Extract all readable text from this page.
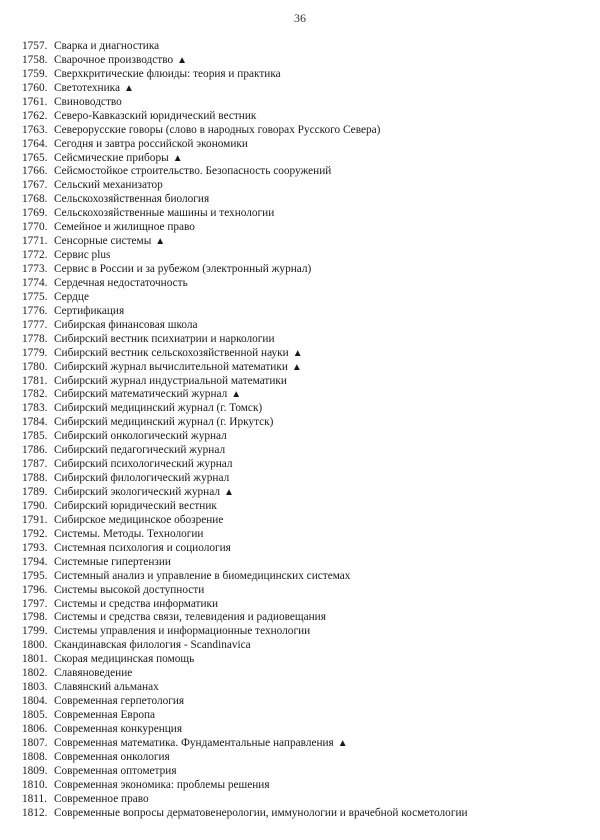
36
1757. Сварка и диагностика
1758. Сварочное производство ▲
1759. Сверхкритические флюиды: теория и практика
1760. Светотехника ▲
1761. Свиноводство
1762. Северо-Кавказский юридический вестник
1763. Северорусские говоры (слово в народных говорах Русского Севера)
1764. Сегодня и завтра российской экономики
1765. Сейсмические приборы ▲
1766. Сейсмостойкое строительство. Безопасность сооружений
1767. Сельский механизатор
1768. Сельскохозяйственная биология
1769. Сельскохозяйственные машины и технологии
1770. Семейное и жилищное право
1771. Сенсорные системы ▲
1772. Сервис plus
1773. Сервис в России и за рубежом (электронный журнал)
1774. Сердечная недостаточность
1775. Сердце
1776. Сертификация
1777. Сибирская финансовая школа
1778. Сибирский вестник психиатрии и наркологии
1779. Сибирский вестник сельскохозяйственной науки ▲
1780. Сибирский журнал вычислительной математики ▲
1781. Сибирский журнал индустриальной математики
1782. Сибирский математический журнал ▲
1783. Сибирский медицинский журнал (г. Томск)
1784. Сибирский медицинский журнал (г. Иркутск)
1785. Сибирский онкологический журнал
1786. Сибирский педагогический журнал
1787. Сибирский психологический журнал
1788. Сибирский филологический журнал
1789. Сибирский экологический журнал ▲
1790. Сибирский юридический вестник
1791. Сибирское медицинское обозрение
1792. Системы. Методы. Технологии
1793. Системная психология и социология
1794. Системные гипертензии
1795. Системный анализ и управление в биомедицинских системах
1796. Системы высокой доступности
1797. Системы и средства информатики
1798. Системы и средства связи, телевидения и радиовещания
1799. Системы управления и информационные технологии
1800. Скандинавская филология - Scandinavica
1801. Скорая медицинская помощь
1802. Славяноведение
1803. Славянский альманах
1804. Современная герпетология
1805. Современная Европа
1806. Современная конкуренция
1807. Современная математика. Фундаментальные направления ▲
1808. Современная онкология
1809. Современная оптометрия
1810. Современная экономика: проблемы решения
1811. Современное право
1812. Современные вопросы дерматовенерологии, иммунологии и врачебной косметологии
